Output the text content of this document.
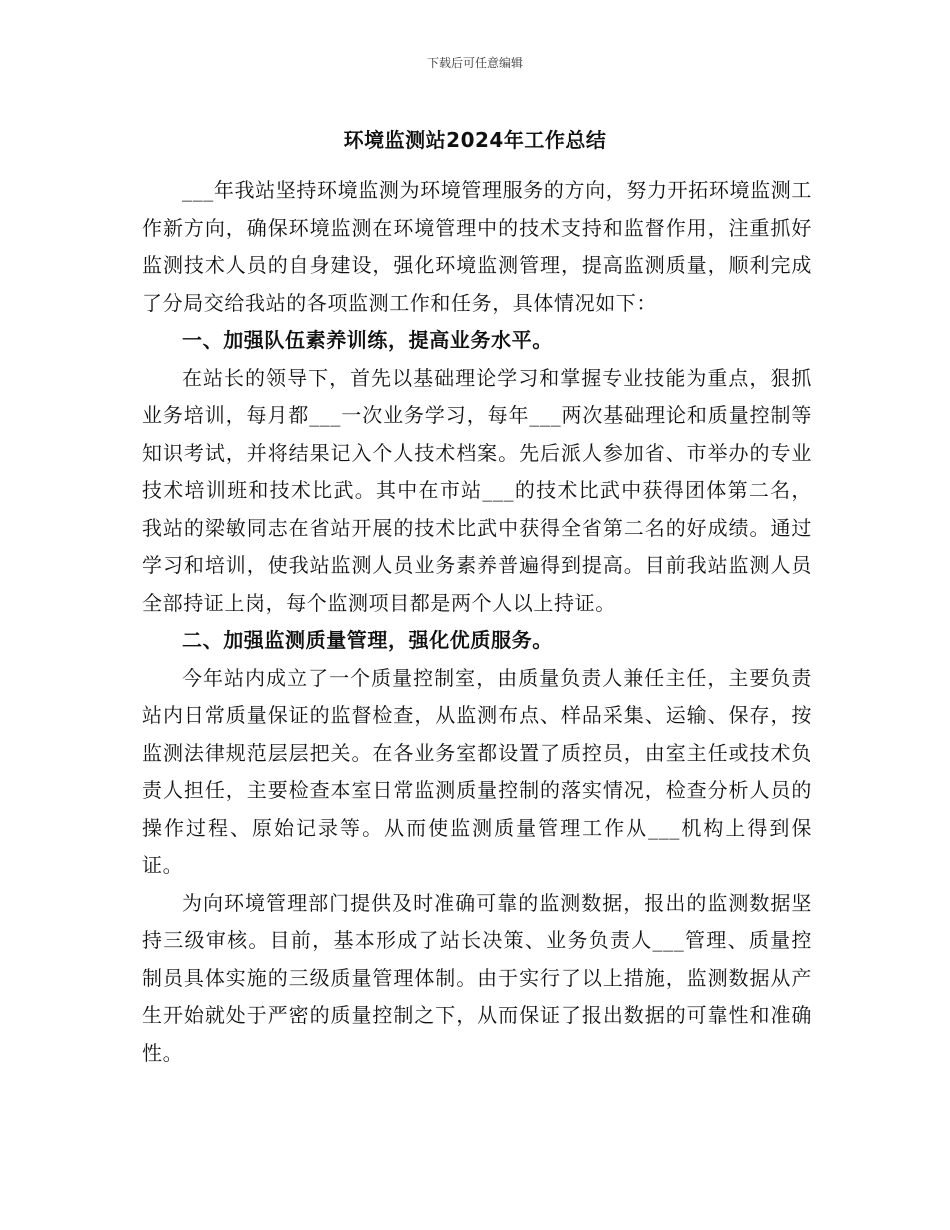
下载后可任意编辑
环境监测站2024年工作总结

___年我站坚持环境监测为环境管理服务的方向，努力开拓环境监测工作新方向，确保环境监测在环境管理中的技术支持和监督作用，注重抓好监测技术人员的自身建设，强化环境监测管理，提高监测质量，顺利完成了分局交给我站的各项监测工作和任务，具体情况如下：

一、加强队伍素养训练，提高业务水平。

在站长的领导下，首先以基础理论学习和掌握专业技能为重点，狠抓业务培训，每月都___一次业务学习，每年___两次基础理论和质量控制等知识考试，并将结果记入个人技术档案。先后派人参加省、市举办的专业技术培训班和技术比武。其中在市站___的技术比武中获得团体第二名，我站的梁敏同志在省站开展的技术比武中获得全省第二名的好成绩。通过学习和培训，使我站监测人员业务素养普遍得到提高。目前我站监测人员全部持证上岗，每个监测项目都是两个人以上持证。

二、加强监测质量管理，强化优质服务。

今年站内成立了一个质量控制室，由质量负责人兼任主任，主要负责站内日常质量保证的监督检查，从监测布点、样品采集、运输、保存，按监测法律规范层层把关。在各业务室都设置了质控员，由室主任或技术负责人担任，主要检查本室日常监测质量控制的落实情况，检查分析人员的操作过程、原始记录等。从而使监测质量管理工作从___机构上得到保证。

为向环境管理部门提供及时准确可靠的监测数据，报出的监测数据坚持三级审核。目前，基本形成了站长决策、业务负责人___管理、质量控制员具体实施的三级质量管理体制。由于实行了以上措施，监测数据从产生开始就处于严密的质量控制之下，从而保证了报出数据的可靠性和准确性。
